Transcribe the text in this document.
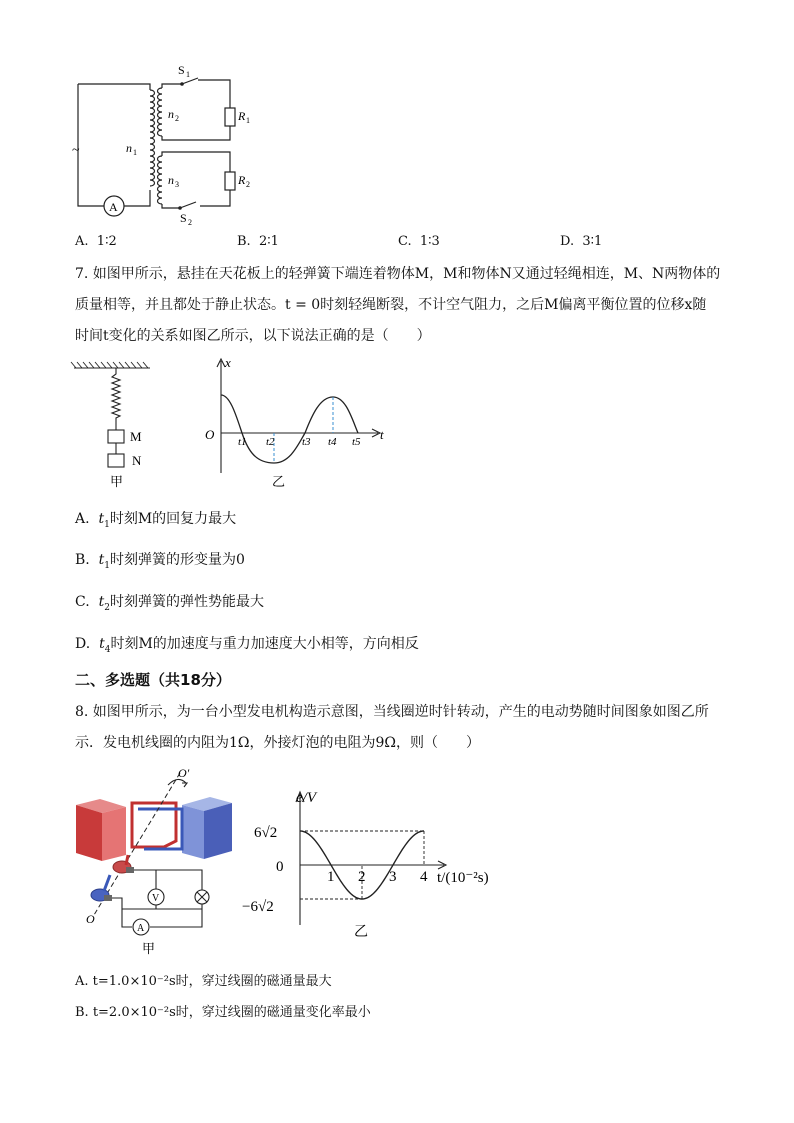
~
A
n 1
n 2
n 3
S 1
S 2
R 1
R 2
A. 1∶2	B. 2∶1	C. 1∶3	D. 3∶1
7. 如图甲所示，悬挂在天花板上的轻弹簧下端连着物体M，M和物体N又通过轻绳相连，M、N两物体的
质量相等，并且都处于静止状态。t = 0时刻轻绳断裂，不计空气阻力，之后M偏离平衡位置的位移x随
时间t变化的关系如图乙所示，以下说法正确的是（　　）
M
N
甲
x
t
O t1 t2 t3 t4 t5
乙
A. $t_1$时刻M的回复力最大
B. $t_1$时刻弹簧的形变量为0
C. $t_2$时刻弹簧的弹性势能最大
D. $t_4$时刻M的加速度与重力加速度大小相等，方向相反
二、多选题（共18分）
8. 如图甲所示，为一台小型发电机构造示意图，当线圈逆时针转动，产生的电动势随时间图象如图乙所
示．发电机线圈的内阻为1Ω，外接灯泡的电阻为9Ω，则（　　）
V
A
O′
O
甲
1 2 3 4
e/V
t/(10⁻²s)
6√2
0
−6√2
乙
A. t=1.0×10⁻²s时，穿过线圈的磁通量最大
B. t=2.0×10⁻²s时，穿过线圈的磁通量变化率最小
